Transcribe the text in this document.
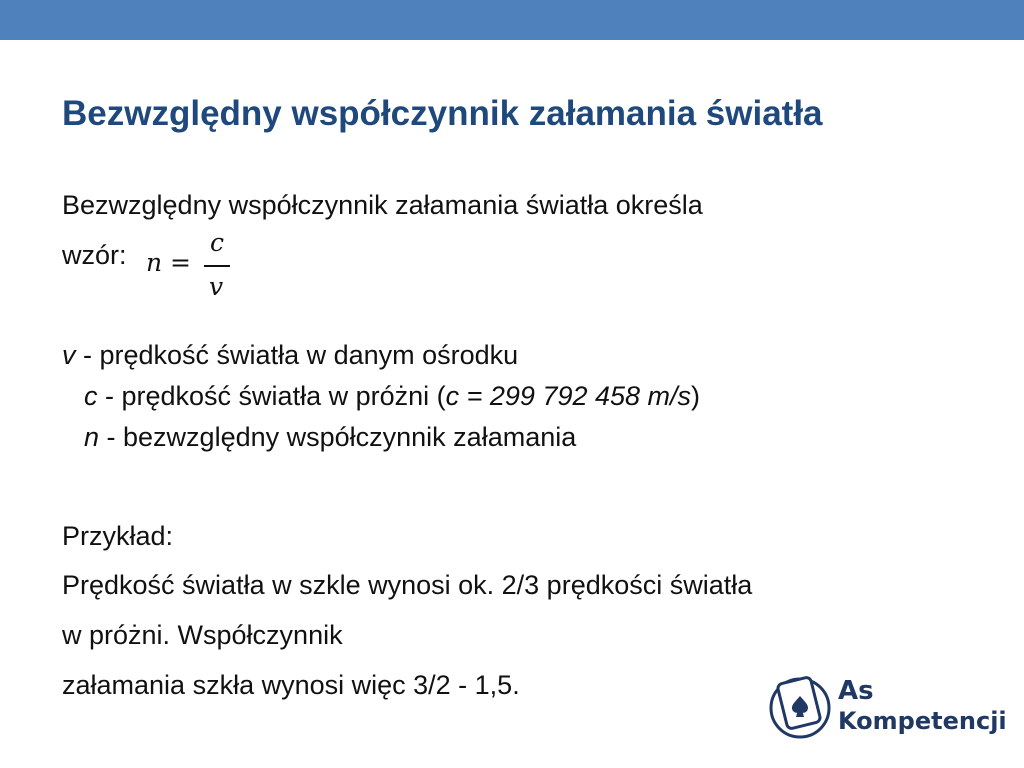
Bezwzględny współczynnik załamania światła
Bezwzględny współczynnik załamania światła określa
wzór: n =
c
v
v - prędkość światła w danym ośrodku
c - prędkość światła w próżni (c = 299 792 458 m/s)
n - bezwzględny współczynnik załamania
Przykład:
Prędkość światła w szkle wynosi ok. 2/3 prędkości światła
w próżni. Współczynnik
załamania szkła wynosi więc 3/2 - 1,5.	As
Kompetencji
